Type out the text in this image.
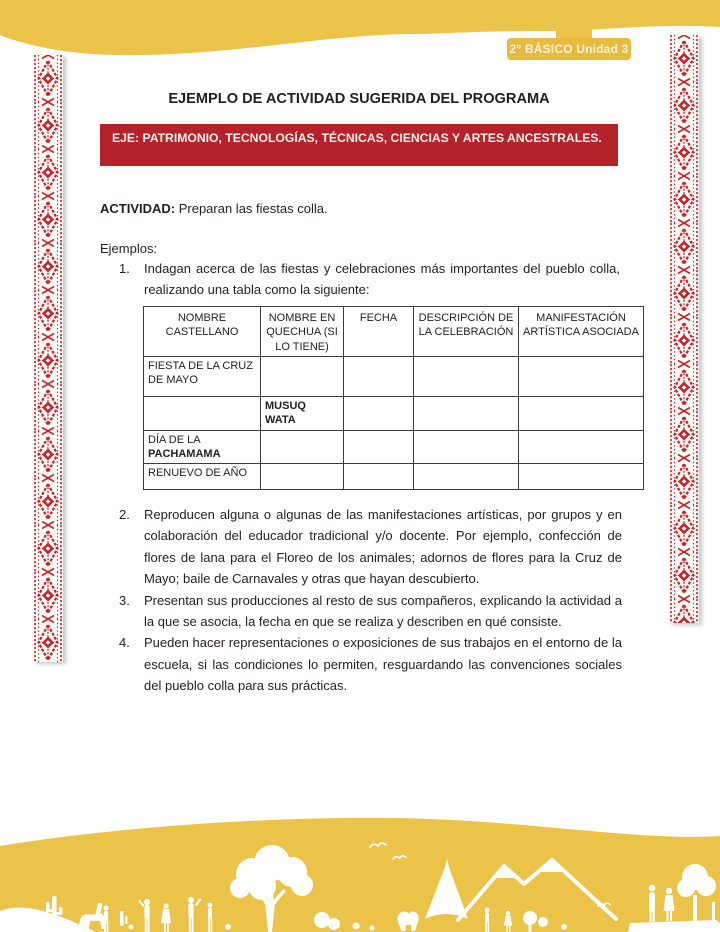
2° BÁSICO Unidad 3
EJEMPLO DE ACTIVIDAD SUGERIDA DEL PROGRAMA
EJE: PATRIMONIO, TECNOLOGÍAS, TÉCNICAS, CIENCIAS Y ARTES ANCESTRALES.
ACTIVIDAD: Preparan las fiestas colla.
Ejemplos:
1.	Indagan acerca de las fiestas y celebraciones más importantes del pueblo colla, realizando una tabla como la siguiente:
NOMBRE CASTELLANO	NOMBRE EN QUECHUA (SI LO TIENE)	FECHA	DESCRIPCIÓN DE LA CELEBRACIÓN	MANIFESTACIÓN ARTÍSTICA ASOCIADA
FIESTA DE LA CRUZ DE MAYO				
	MUSUQ WATA			
DÍA DE LA PACHAMAMA				
RENUEVO DE AÑO				
2.	Reproducen alguna o algunas de las manifestaciones artísticas, por grupos y en colaboración del educador tradicional y/o docente. Por ejemplo, confección de flores de lana para el Floreo de los animales; adornos de flores para la Cruz de Mayo; baile de Carnavales y otras que hayan descubierto.
3.	Presentan sus producciones al resto de sus compañeros, explicando la actividad a la que se asocia, la fecha en que se realiza y describen en qué consiste.
4.	Pueden hacer representaciones o exposiciones de sus trabajos en el entorno de la escuela, si las condiciones lo permiten, resguardando las convenciones sociales del pueblo colla para sus prácticas.
